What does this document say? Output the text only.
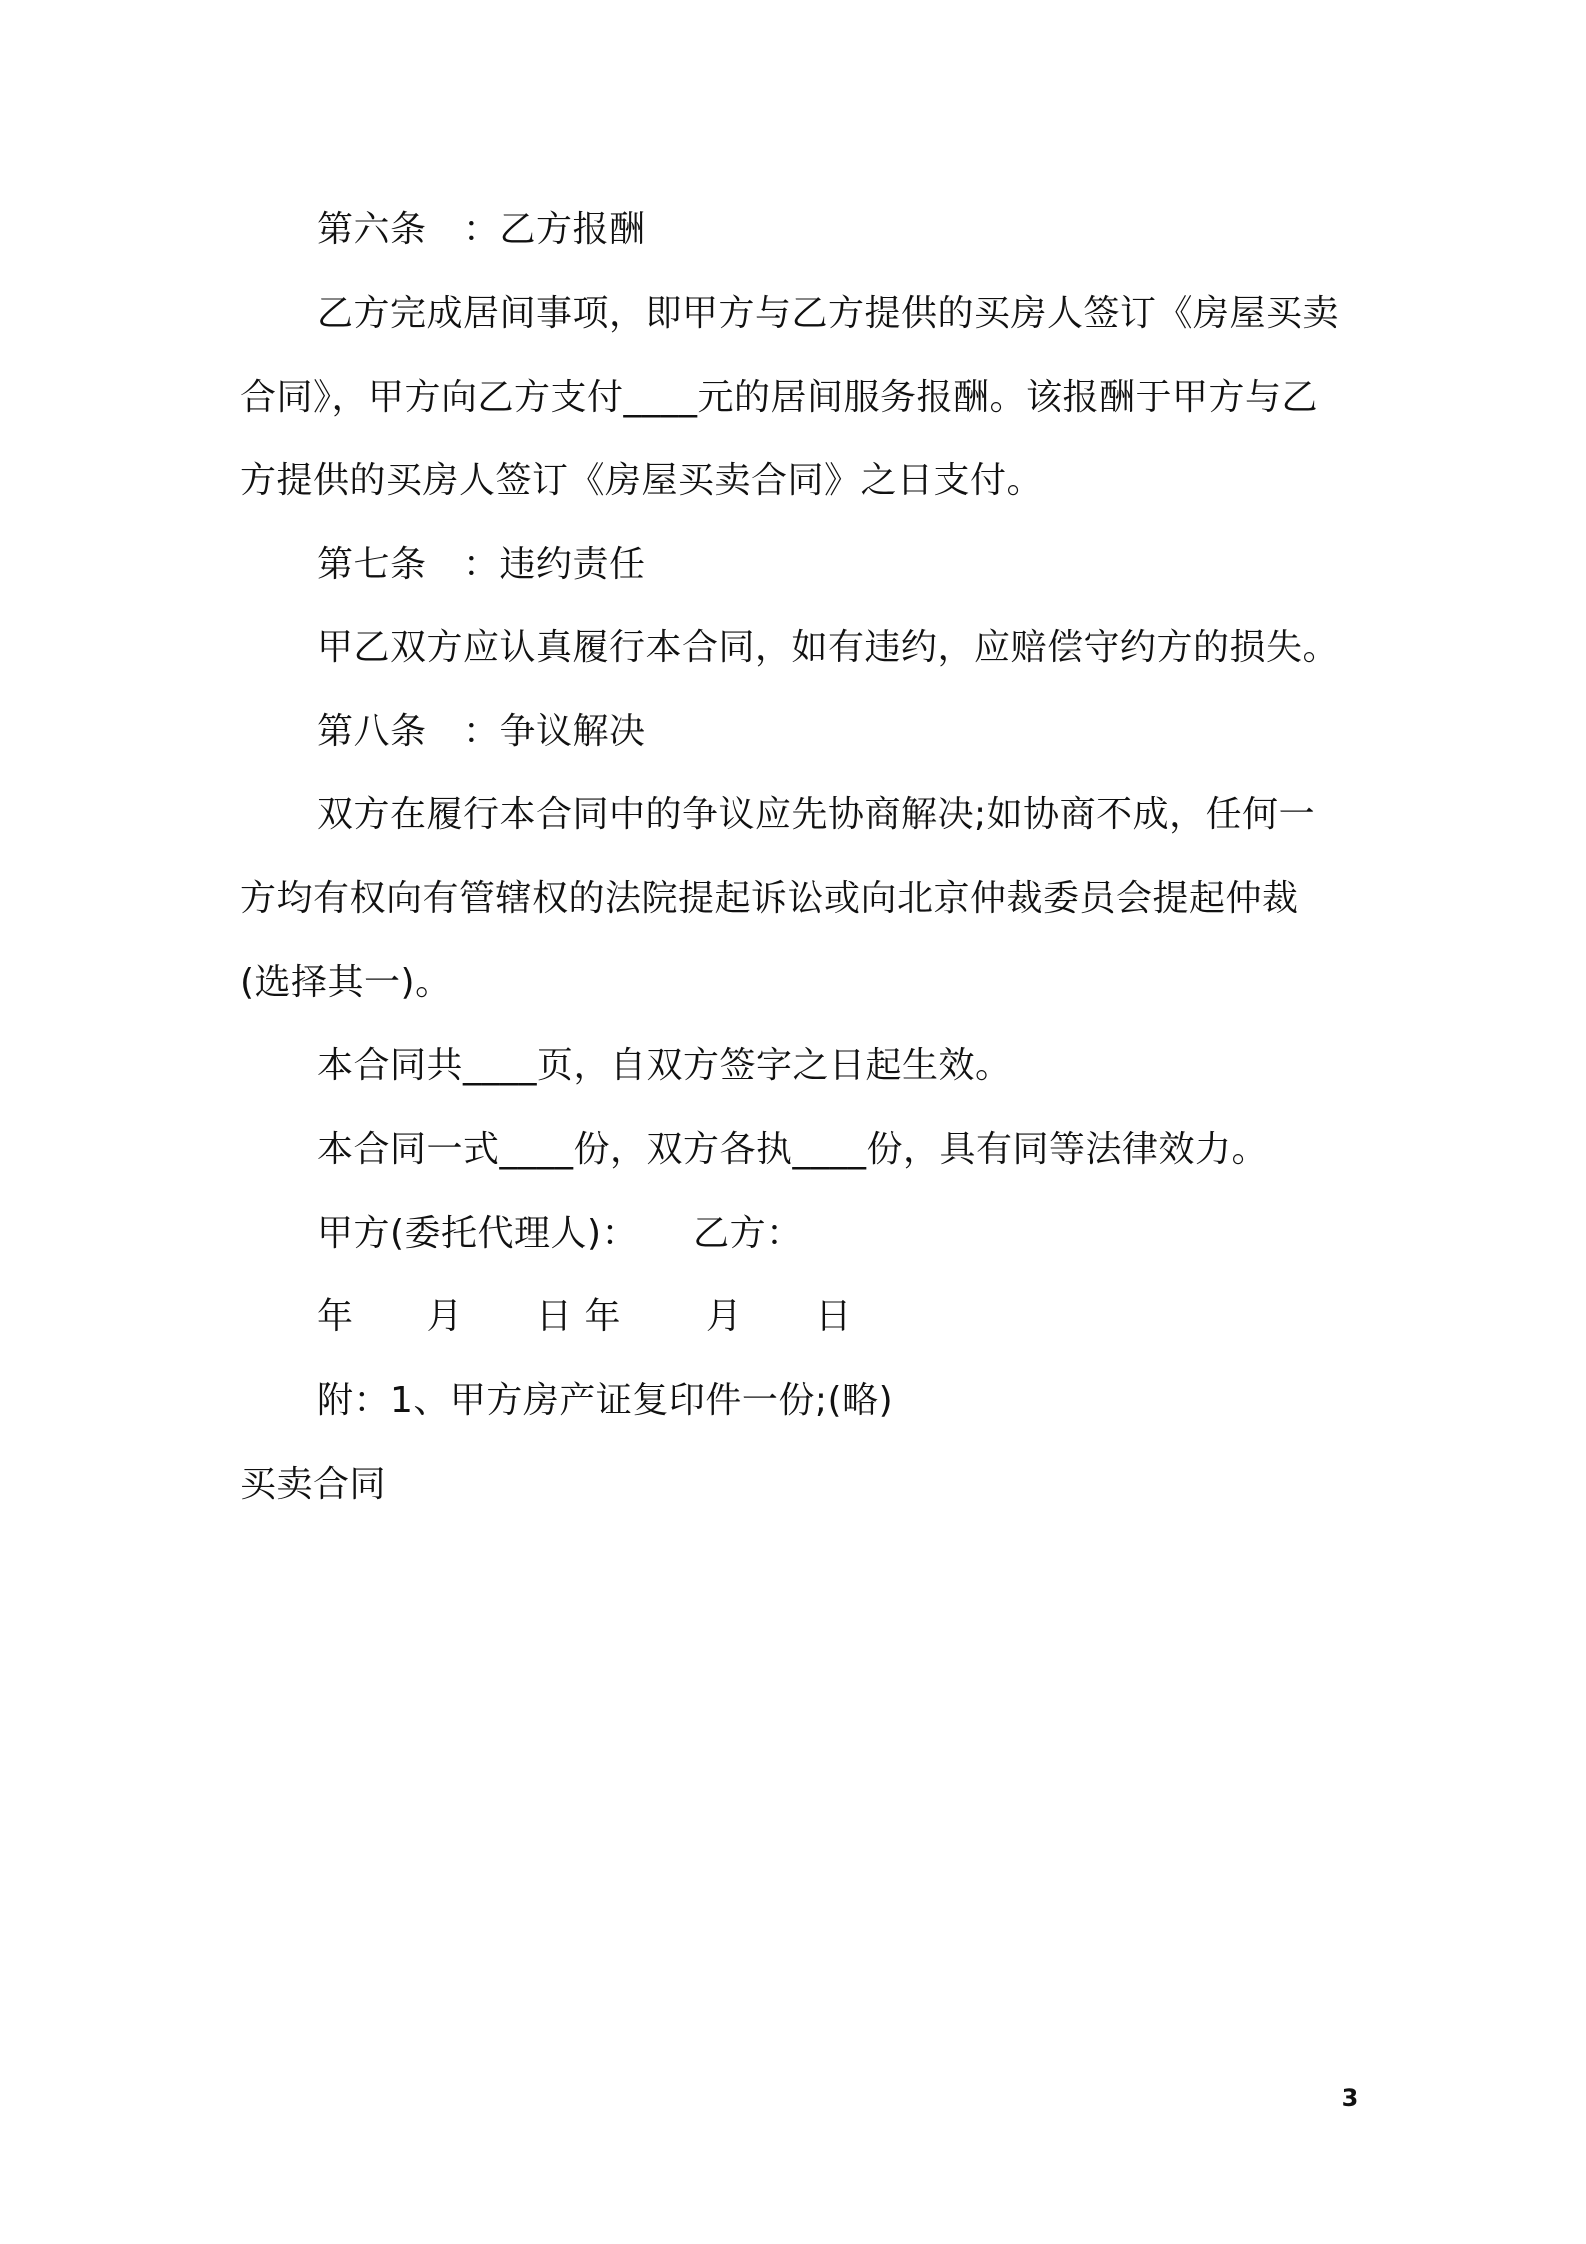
第六条　：乙方报酬
乙方完成居间事项，即甲方与乙方提供的买房人签订《房屋买卖
合同》，甲方向乙方支付____元的居间服务报酬。该报酬于甲方与乙
方提供的买房人签订《房屋买卖合同》之日支付。
第七条　：违约责任
甲乙双方应认真履行本合同，如有违约，应赔偿守约方的损失。
第八条　：争议解决
双方在履行本合同中的争议应先协商解决;如协商不成，任何一
方均有权向有管辖权的法院提起诉讼或向北京仲裁委员会提起仲裁
(选择其一)。
本合同共____页，自双方签字之日起生效。
本合同一式____份，双方各执____份，具有同等法律效力。
甲方(委托代理人)：　　乙方：
年　　月　　日 年　　 月　　日
附：1、甲方房产证复印件一份;(略)
买卖合同
3
